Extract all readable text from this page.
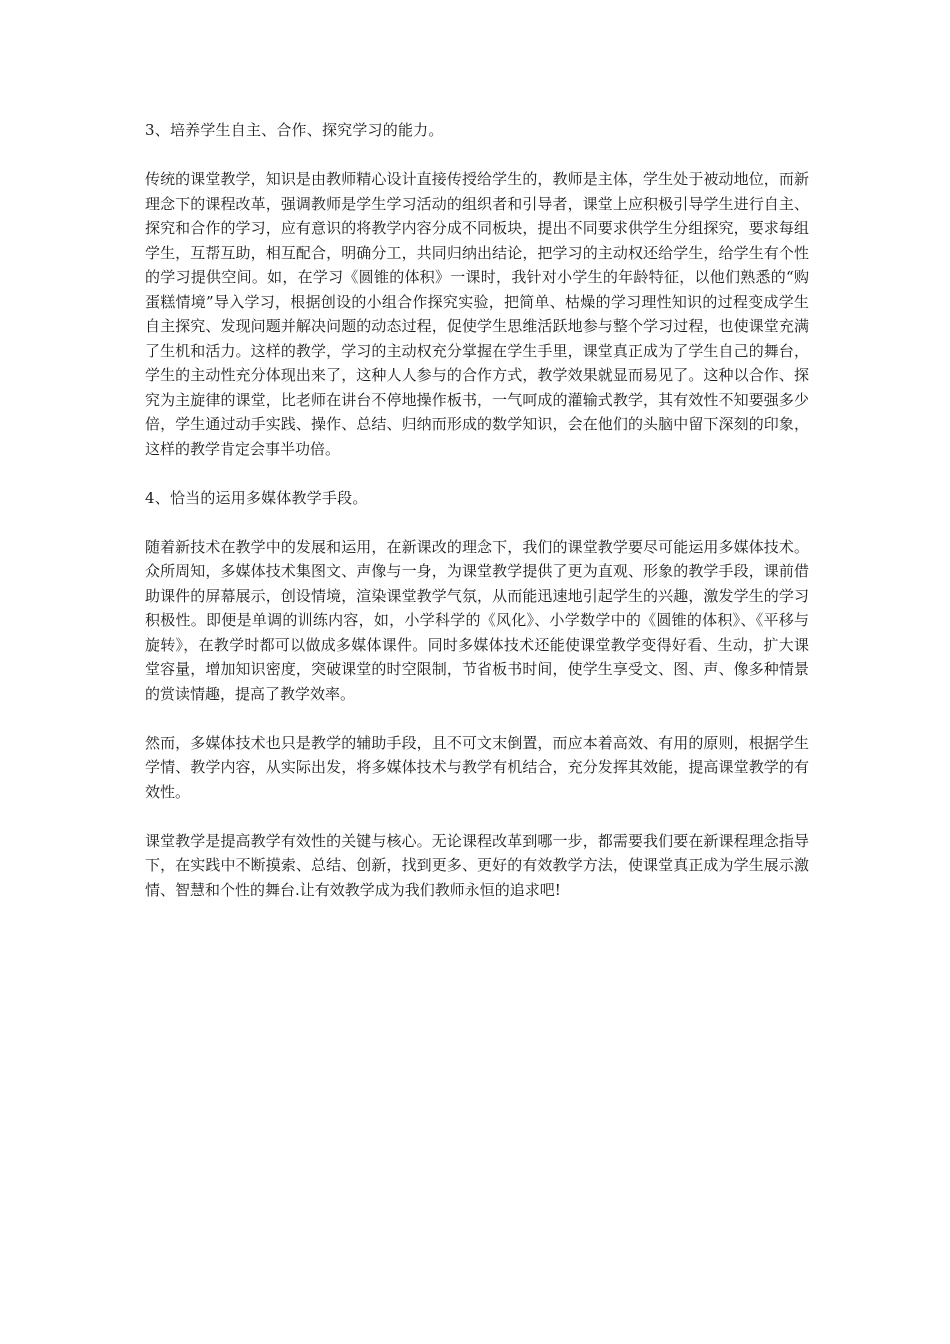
3、培养学生自主、合作、探究学习的能力。

传统的课堂教学，知识是由教师精心设计直接传授给学生的，教师是主体，学生处于被动地位，而新理念下的课程改革，强调教师是学生学习活动的组织者和引导者，课堂上应积极引导学生进行自主、探究和合作的学习，应有意识的将教学内容分成不同板块，提出不同要求供学生分组探究，要求每组学生，互帮互助，相互配合，明确分工，共同归纳出结论，把学习的主动权还给学生，给学生有个性的学习提供空间。如，在学习《圆锥的体积》一课时，我针对小学生的年龄特征，以他们熟悉的“购蛋糕情境”导入学习，根据创设的小组合作探究实验，把简单、枯燥的学习理性知识的过程变成学生自主探究、发现问题并解决问题的动态过程，促使学生思维活跃地参与整个学习过程，也使课堂充满了生机和活力。这样的教学，学习的主动权充分掌握在学生手里，课堂真正成为了学生自己的舞台，学生的主动性充分体现出来了，这种人人参与的合作方式，教学效果就显而易见了。这种以合作、探究为主旋律的课堂，比老师在讲台不停地操作板书，一气呵成的灌输式教学，其有效性不知要强多少倍，学生通过动手实践、操作、总结、归纳而形成的数学知识，会在他们的头脑中留下深刻的印象，这样的教学肯定会事半功倍。

4、恰当的运用多媒体教学手段。

随着新技术在教学中的发展和运用，在新课改的理念下，我们的课堂教学要尽可能运用多媒体技术。众所周知，多媒体技术集图文、声像与一身，为课堂教学提供了更为直观、形象的教学手段，课前借助课件的屏幕展示，创设情境，渲染课堂教学气氛，从而能迅速地引起学生的兴趣，激发学生的学习积极性。即便是单调的训练内容，如，小学科学的《风化》、小学数学中的《圆锥的体积》、《平移与旋转》，在教学时都可以做成多媒体课件。同时多媒体技术还能使课堂教学变得好看、生动，扩大课堂容量，增加知识密度，突破课堂的时空限制，节省板书时间，使学生享受文、图、声、像多种情景的赏读情趣，提高了教学效率。

然而，多媒体技术也只是教学的辅助手段，且不可文末倒置，而应本着高效、有用的原则，根据学生学情、教学内容，从实际出发，将多媒体技术与教学有机结合，充分发挥其效能，提高课堂教学的有效性。

课堂教学是提高教学有效性的关键与核心。无论课程改革到哪一步，都需要我们要在新课程理念指导下，在实践中不断摸索、总结、创新，找到更多、更好的有效教学方法，使课堂真正成为学生展示激情、智慧和个性的舞台.让有效教学成为我们教师永恒的追求吧!
